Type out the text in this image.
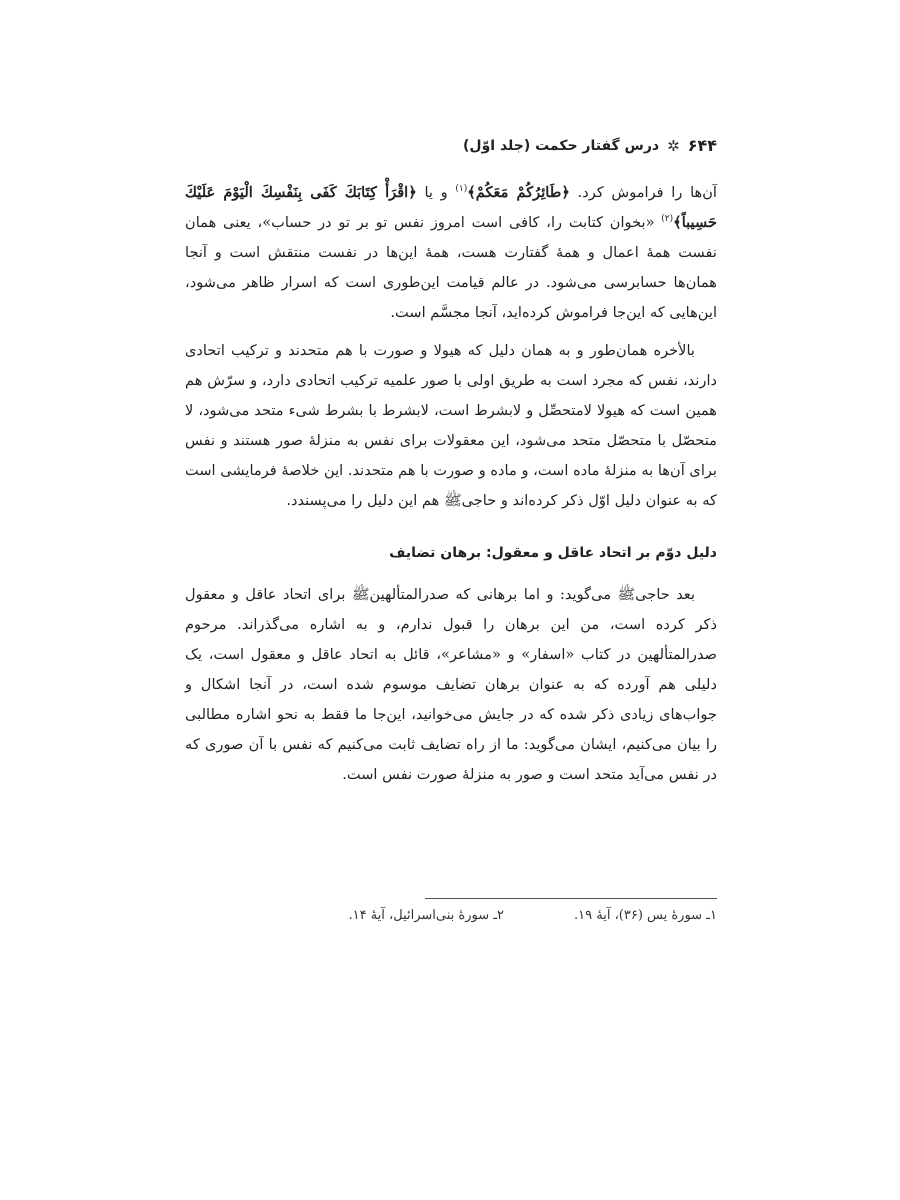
۶۴۴
✲
درس گفتار حکمت (جلد اوّل)

آن‌ها را فراموش کرد. ﴿طَائِرُكُمْ مَعَكُمْ﴾$^{(۱)}$ و یا ﴿اقْرَأْ كِتَابَكَ كَفَى بِنَفْسِكَ الْيَوْمَ عَلَيْكَ حَسِيباً﴾$^{(۲)}$ «بخوان کتابت را، کافی است امروز نفس تو بر تو در حساب»، یعنی همان نفست همهٔ اعمال و همهٔ گفتارت هست، همهٔ این‌ها در نفست منتقش است و آنجا همان‌ها حسابرسی می‌شود. در عالم قیامت این‌طوری است که اسرار ظاهر می‌شود، این‌هایی که این‌جا فراموش کرده‌اید، آنجا مجسَّم است.

بالأخره همان‌طور و به همان دلیل که هیولا و صورت با هم متحدند و ترکیب اتحادی دارند، نفس که مجرد است به طریق اولی با صور علمیه ترکیب اتحادی دارد، و سرّش هم همین است که هیولا لامتحصِّل و لابشرط است، لابشرط با بشرط شیء متحد می‌شود، لا متحصّل با متحصّل متحد می‌شود، این معقولات برای نفس به منزلهٔ صور هستند و نفس برای آن‌ها به منزلهٔ ماده است، و ماده و صورت با هم متحدند. این خلاصهٔ فرمایشی است که به عنوان دلیل اوّل ذکر کرده‌اند و حاجی‌ﷺ هم این دلیل را می‌پسندد.

دلیل دوّم بر اتحاد عاقل و معقول: برهان تضایف

بعد حاجی‌ﷺ می‌گوید: و اما برهانی که صدرالمتألهین‌ﷺ برای اتحاد عاقل و معقول ذکر کرده است، من این برهان را قبول ندارم، و به اشاره می‌گذراند. مرحوم صدرالمتألهین در کتاب «اسفار» و «مشاعر»، قائل به اتحاد عاقل و معقول است، یک دلیلی هم آورده که به عنوان برهان تضایف موسوم شده است، در آنجا اشکال و جواب‌های زیادی ذکر شده که در جایش می‌خوانید، این‌جا ما فقط به نحو اشاره مطالبی را بیان می‌کنیم، ایشان می‌گوید: ما از راه تضایف ثابت می‌کنیم که نفس با آن صوری که در نفس می‌آید متحد است و صور به منزلهٔ صورت نفس است.

۱ـ سورهٔ یس (۳۶)، آیهٔ ۱۹.
۲ـ سورهٔ بنی‌اسرائیل، آیهٔ ۱۴.
